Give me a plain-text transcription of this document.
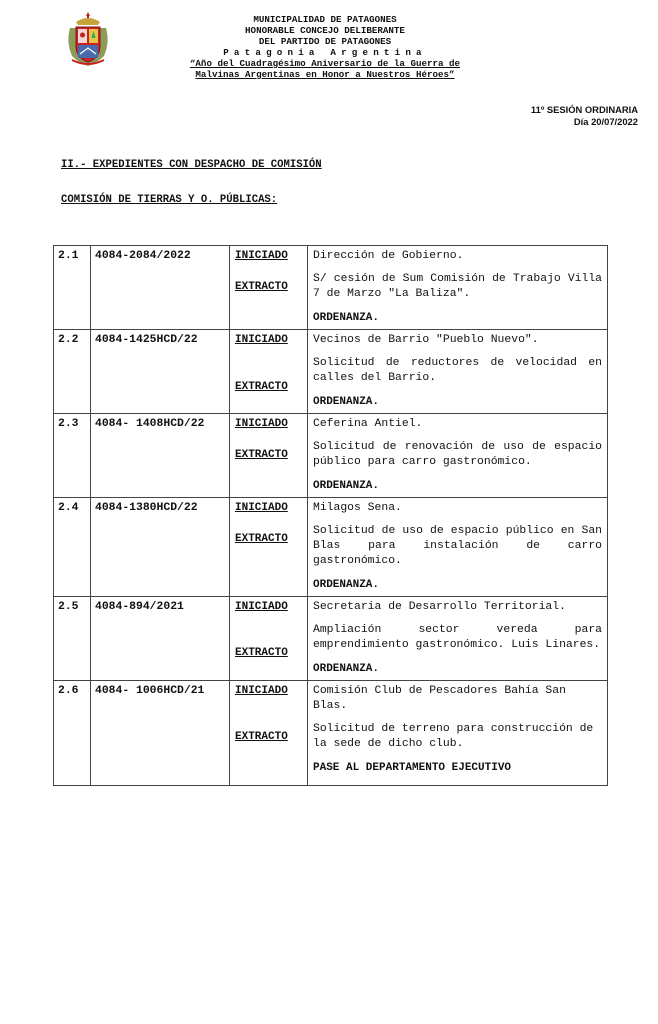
MUNICIPALIDAD DE PATAGONES
HONORABLE CONCEJO DELIBERANTE
DEL PARTIDO DE PATAGONES
Patagonia Argentina
“Año del Cuadragésimo Aniversario de la Guerra de
Malvinas Argentinas en Honor a Nuestros Héroes”
11º SESIÓN ORDINARIA
Día 20/07/2022
II.- EXPEDIENTES CON DESPACHO DE COMISIÓN
COMISIÓN DE TIERRAS Y O. PÚBLICAS:
2.1	4084-2084/2022	INICIADO
EXTRACTO	Dirección de Gobierno.
S/ cesión de Sum Comisión de Trabajo Villa 7 de Marzo "La Baliza".
ORDENANZA.

2.2	4084-1425HCD/22	INICIADO
EXTRACTO	Vecinos de Barrio "Pueblo Nuevo".
Solicitud de reductores de velocidad en calles del Barrio.
ORDENANZA.

2.3	4084- 1408HCD/22	INICIADO
EXTRACTO	Ceferina Antiel.
Solicitud de renovación de uso de espacio público para carro gastronómico.
ORDENANZA.

2.4	4084-1380HCD/22	INICIADO
EXTRACTO	Milagos Sena.
Solicitud de uso de espacio público en San Blas para instalación de carro gastronómico.
ORDENANZA.

2.5	4084-894/2021	INICIADO
EXTRACTO	Secretaria de Desarrollo Territorial.
Ampliación sector vereda para emprendimiento gastronómico. Luis Linares.
ORDENANZA.

2.6	4084- 1006HCD/21	INICIADO
EXTRACTO	Comisión Club de Pescadores Bahía San Blas.
Solicitud de terreno para construcción de la sede de dicho club.
PASE AL DEPARTAMENTO EJECUTIVO
